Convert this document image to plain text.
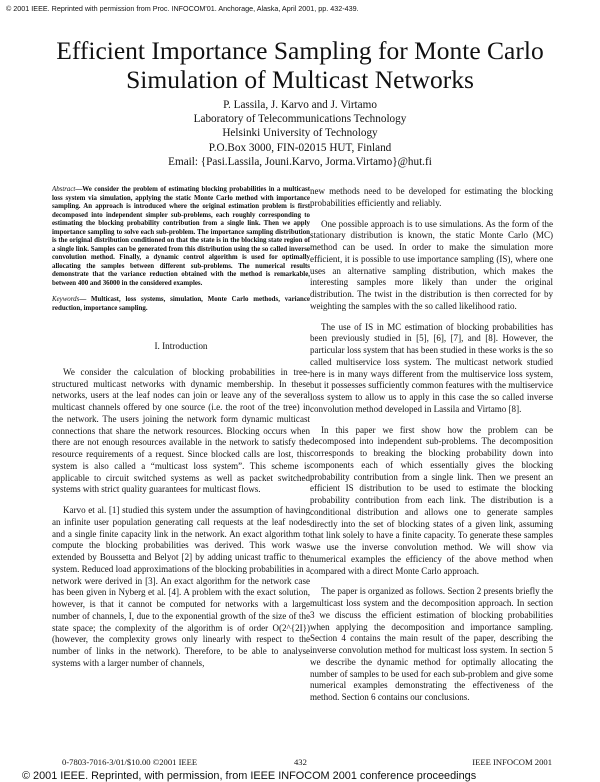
© 2001 IEEE. Reprinted with permission from Proc. INFOCOM'01. Anchorage, Alaska, April 2001, pp. 432-439.
Efficient Importance Sampling for Monte Carlo
Simulation of Multicast Networks
P. Lassila, J. Karvo and J. Virtamo
Laboratory of Telecommunications Technology
Helsinki University of Technology
P.O.Box 3000, FIN-02015 HUT, Finland
Email: {Pasi.Lassila, Jouni.Karvo, Jorma.Virtamo}@hut.fi

Abstract—We consider the problem of estimating blocking probabilities in a multicast loss system via simulation, applying the static Monte Carlo method with importance sampling. An approach is introduced where the original estimation problem is first decomposed into independent simpler sub-problems, each roughly corresponding to estimating the blocking probability contribution from a single link. Then we apply importance sampling to solve each sub-problem. The importance sampling distribution is the original distribution conditioned on that the state is in the blocking state region of a single link. Samples can be generated from this distribution using the so called inverse convolution method. Finally, a dynamic control algorithm is used for optimally allocating the samples between different sub-problems. The numerical results demonstrate that the variance reduction obtained with the method is remarkable, between 400 and 36000 in the considered examples.

Keywords— Multicast, loss systems, simulation, Monte Carlo methods, variance reduction, importance sampling.

I. Introduction

We consider the calculation of blocking probabilities in tree-structured multicast networks with dynamic membership. In these networks, users at the leaf nodes can join or leave any of the several multicast channels offered by one source (i.e. the root of the tree) in the network. The users joining the network form dynamic multicast connections that share the network resources. Blocking occurs when there are not enough resources available in the network to satisfy the resource requirements of a request. Since blocked calls are lost, this system is also called a “multicast loss system”. This scheme is applicable to circuit switched systems as well as packet switched systems with strict quality guarantees for multicast flows.

Karvo et al. [1] studied this system under the assumption of having an infinite user population generating call requests at the leaf nodes and a single finite capacity link in the network. An exact algorithm to compute the blocking probabilities was derived. This work was extended by Boussetta and Belyot [2] by adding unicast traffic to the system. Reduced load approximations of the blocking probabilities in a network were derived in [3]. An exact algorithm for the network case has been given in Nyberg et al. [4]. A problem with the exact solution, however, is that it cannot be computed for networks with a large number of channels, I, due to the exponential growth of the size of the state space; the complexity of the algorithm is of order O(2^{2I}) (however, the complexity grows only linearly with respect to the number of links in the network). Therefore, to be able to analyse systems with a larger number of channels,

new methods need to be developed for estimating the blocking probabilities efficiently and reliably.

One possible approach is to use simulations. As the form of the stationary distribution is known, the static Monte Carlo (MC) method can be used. In order to make the simulation more efficient, it is possible to use importance sampling (IS), where one uses an alternative sampling distribution, which makes the interesting samples more likely than under the original distribution. The twist in the distribution is then corrected for by weighting the samples with the so called likelihood ratio.

The use of IS in MC estimation of blocking probabilities has been previously studied in [5], [6], [7], and [8]. However, the particular loss system that has been studied in these works is the so called multiservice loss system. The multicast network studied here is in many ways different from the multiservice loss system, but it possesses sufficiently common features with the multiservice loss system to allow us to apply in this case the so called inverse convolution method developed in Lassila and Virtamo [8].

In this paper we first show how the problem can be decomposed into independent sub-problems. The decomposition corresponds to breaking the blocking probability down into components each of which essentially gives the blocking probability contribution from a single link. Then we present an efficient IS distribution to be used to estimate the blocking probability contribution from each link. The distribution is a conditional distribution and allows one to generate samples directly into the set of blocking states of a given link, assuming that link solely to have a finite capacity. To generate these samples we use the inverse convolution method. We will show via numerical examples the efficiency of the above method when compared with a direct Monte Carlo approach.

The paper is organized as follows. Section 2 presents briefly the multicast loss system and the decomposition approach. In section 3 we discuss the efficient estimation of blocking probabilities when applying the decomposition and importance sampling. Section 4 contains the main result of the paper, describing the inverse convolution method for multicast loss system. In section 5 we describe the dynamic method for optimally allocating the number of samples to be used for each sub-problem and give some numerical examples demonstrating the effectiveness of the method. Section 6 contains our conclusions.

0-7803-7016-3/01/$10.00 ©2001 IEEE	432	IEEE INFOCOM 2001
© 2001 IEEE. Reprinted, with permission, from IEEE INFOCOM 2001 conference proceedings
